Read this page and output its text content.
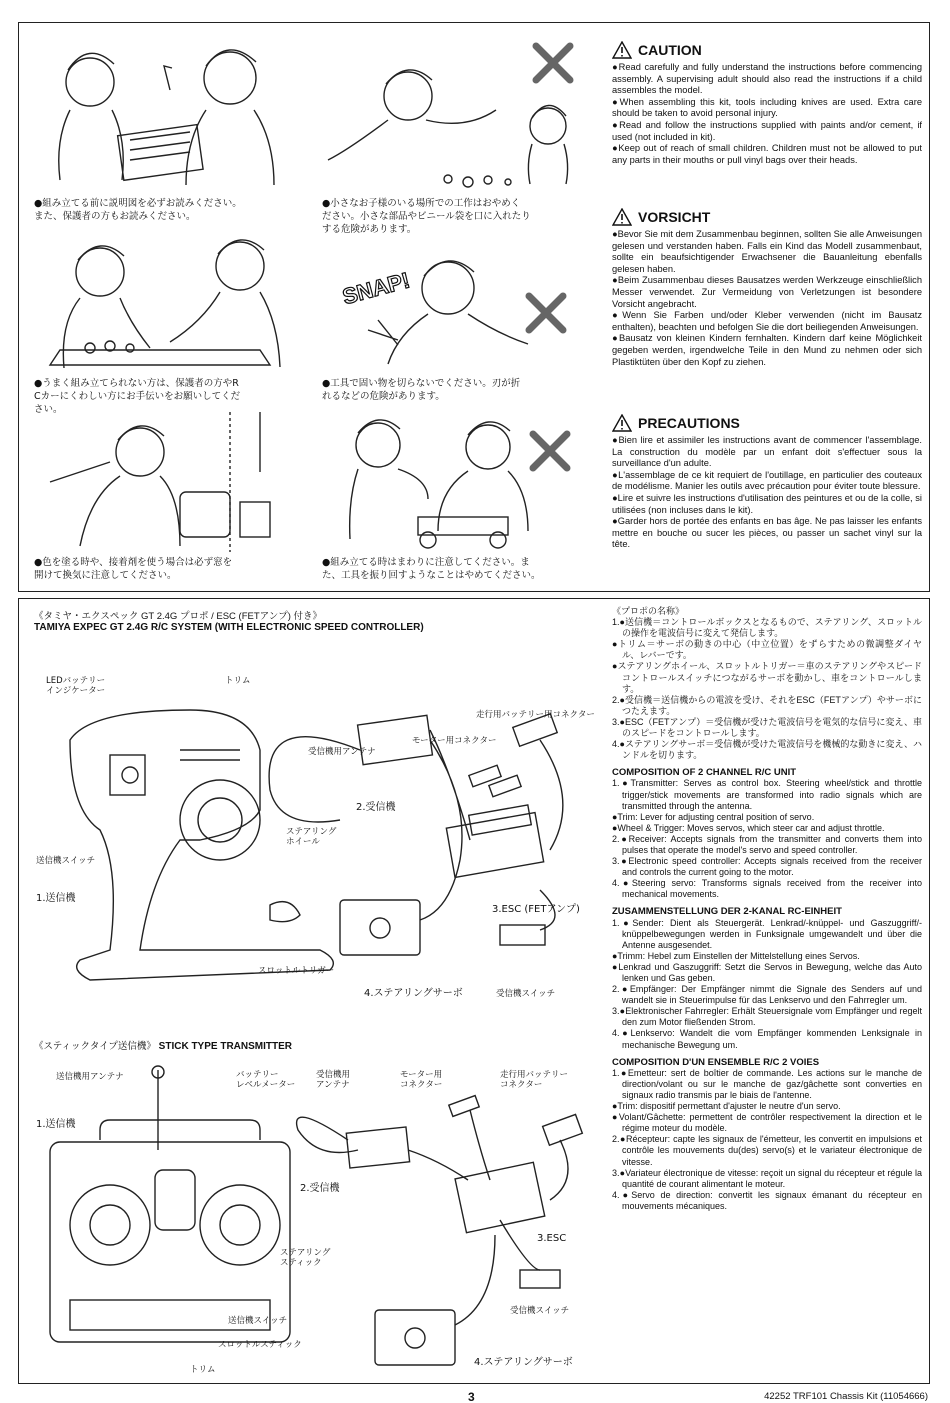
●組み立てる前に説明図を必ずお読みください。
また、保護者の方もお読みください。
●うまく組み立てられない方は、保護者の方やR
Cカーにくわしい方にお手伝いをお願いしてくだ
さい。
●色を塗る時や、接着剤を使う場合は必ず窓を
開けて換気に注意してください。
●小さなお子様のいる場所での工作はおやめく
ださい。小さな部品やビニール袋を口に入れたり
する危険があります。
SNAP!
●工具で固い物を切らないでください。刃が折
れるなどの危険があります。
●組み立てる時はまわりに注意してください。ま
た、工具を振り回すようなことはやめてください。
CAUTION

●Read carefully and fully understand the instructions before commencing assembly. A supervising adult should also read the instructions if a child assembles the model.

●When assembling this kit, tools including knives are used. Extra care should be taken to avoid personal injury.

●Read and follow the instructions supplied with paints and/or cement, if used (not included in kit).

●Keep out of reach of small children. Children must not be allowed to put any parts in their mouths or pull vinyl bags over their heads.

VORSICHT

●Bevor Sie mit dem Zusammenbau beginnen, sollten Sie alle Anweisungen gelesen und verstanden haben. Falls ein Kind das Modell zusammenbaut, sollte ein beaufsichtigender Erwachsener die Bauanleitung ebenfalls gelesen haben.

●Beim Zusammenbau dieses Bausatzes werden Werkzeuge einschließlich Messer verwendet. Zur Vermeidung von Verletzungen ist besondere Vorsicht angebracht.

●Wenn Sie Farben und/oder Kleber verwenden (nicht im Bausatz enthalten), beachten und befolgen Sie die dort beiliegenden Anweisungen.

●Bausatz von kleinen Kindern fernhalten. Kindern darf keine Möglichkeit gegeben werden, irgendwelche Teile in den Mund zu nehmen oder sich Plastiktüten über den Kopf zu ziehen.

PRECAUTIONS

●Bien lire et assimiler les instructions avant de commencer l'assemblage. La construction du modèle par un enfant doit s'effectuer sous la surveillance d'un adulte.

●L'assemblage de ce kit requiert de l'outillage, en particulier des couteaux de modélisme. Manier les outils avec précaution pour éviter toute blessure.

●Lire et suivre les instructions d'utilisation des peintures et ou de la colle, si utilisées (non incluses dans le kit).

●Garder hors de portée des enfants en bas âge. Ne pas laisser les enfants mettre en bouche ou sucer les pièces, ou passer un sachet vinyl sur la tête.

《タミヤ・エクスペック GT 2.4G プロポ / ESC (FETアンプ) 付き》
TAMIYA EXPEC GT 2.4G R/C SYSTEM (WITH ELECTRONIC SPEED CONTROLLER)
LEDバッテリー
インジケーター
トリム
走行用バッテリー用コネクター
モーター用コネクター
受信機用アンテナ
2.受信機
ステアリング
ホイール
送信機スイッチ
1.送信機
3.ESC (FETアンプ)
スロットルトリガー
4.ステアリングサーボ	受信機スイッチ
《スティックタイプ送信機》 STICK TYPE TRANSMITTER
送信機用アンテナ	バッテリー
レベルメーター
受信機用
アンテナ
モーター用
コネクター
走行用バッテリー
コネクター
1.送信機
2.受信機
ステアリング
スティック
3.ESC
送信機スイッチ
スロットルスティック
受信機スイッチ
トリム
4.ステアリングサーボ
《プロポの名称》
1.●送信機＝コントロールボックスとなるもので、ステアリング、スロットルの操作を電波信号に変えて発信します。
●トリム＝サーボの動きの中心（中立位置）をずらすための微調整ダイヤル、レバーです。
●ステアリングホイール、スロットルトリガー＝車のステアリングやスピードコントロールスイッチにつながるサーボを動かし、車をコントロールします。
2.●受信機＝送信機からの電波を受け、それをESC（FETアンプ）やサーボにつたえます。
3.●ESC（FETアンプ）＝受信機が受けた電波信号を電気的な信号に変え、車のスピードをコントロールします。
4.●ステアリングサーボ＝受信機が受けた電波信号を機械的な動きに変え、ハンドルを切ります。
COMPOSITION OF 2 CHANNEL R/C UNIT
1.●Transmitter: Serves as control box. Steering wheel/stick and throttle trigger/stick movements are transformed into radio signals which are transmitted through the antenna.
●Trim: Lever for adjusting central position of servo.
●Wheel & Trigger: Moves servos, which steer car and adjust throttle.
2.●Receiver: Accepts signals from the transmitter and converts them into pulses that operate the model's servo and speed controller.
3.●Electronic speed controller: Accepts signals received from the receiver and controls the current going to the motor.
4.●Steering servo: Transforms signals received from the receiver into mechanical movements.
ZUSAMMENSTELLUNG DER 2-KANAL RC-EINHEIT
1.●Sender: Dient als Steuergerät. Lenkrad/-knüppel- und Gaszuggriff/- knüppelbewegungen werden in Funksignale umgewandelt und über die Antenne ausgesendet.
●Trimm: Hebel zum Einstellen der Mittelstellung eines Servos.
●Lenkrad und Gaszuggriff: Setzt die Servos in Bewegung, welche das Auto lenken und Gas geben.
2.●Empfänger: Der Empfänger nimmt die Signale des Senders auf und wandelt sie in Steuerimpulse für das Lenkservo und den Fahrregler um.
3.●Elektronischer Fahrregler: Erhält Steuersignale vom Empfänger und regelt den zum Motor fließenden Strom.
4.●Lenkservo: Wandelt die vom Empfänger kommenden Lenksignale in mechanische Bewegung um.
COMPOSITION D'UN ENSEMBLE R/C 2 VOIES
1.●Emetteur: sert de boîtier de commande. Les actions sur le manche de direction/volant ou sur le manche de gaz/gâchette sont converties en signaux radio transmis par le biais de l'antenne.
●Trim: dispositif permettant d'ajuster le neutre d'un servo.
●Volant/Gâchette: permettent de contrôler respectivement la direction et le régime moteur du modèle.
2.●Récepteur: capte les signaux de l'émetteur, les convertit en impulsions et contrôle les mouvements du(des) servo(s) et le variateur électronique de vitesse.
3.●Variateur électronique de vitesse: reçoit un signal du récepteur et régule la quantité de courant alimentant le moteur.
4.●Servo de direction: convertit les signaux émanant du récepteur en mouvements mécaniques.
3	42252 TRF101 Chassis Kit (11054666)
